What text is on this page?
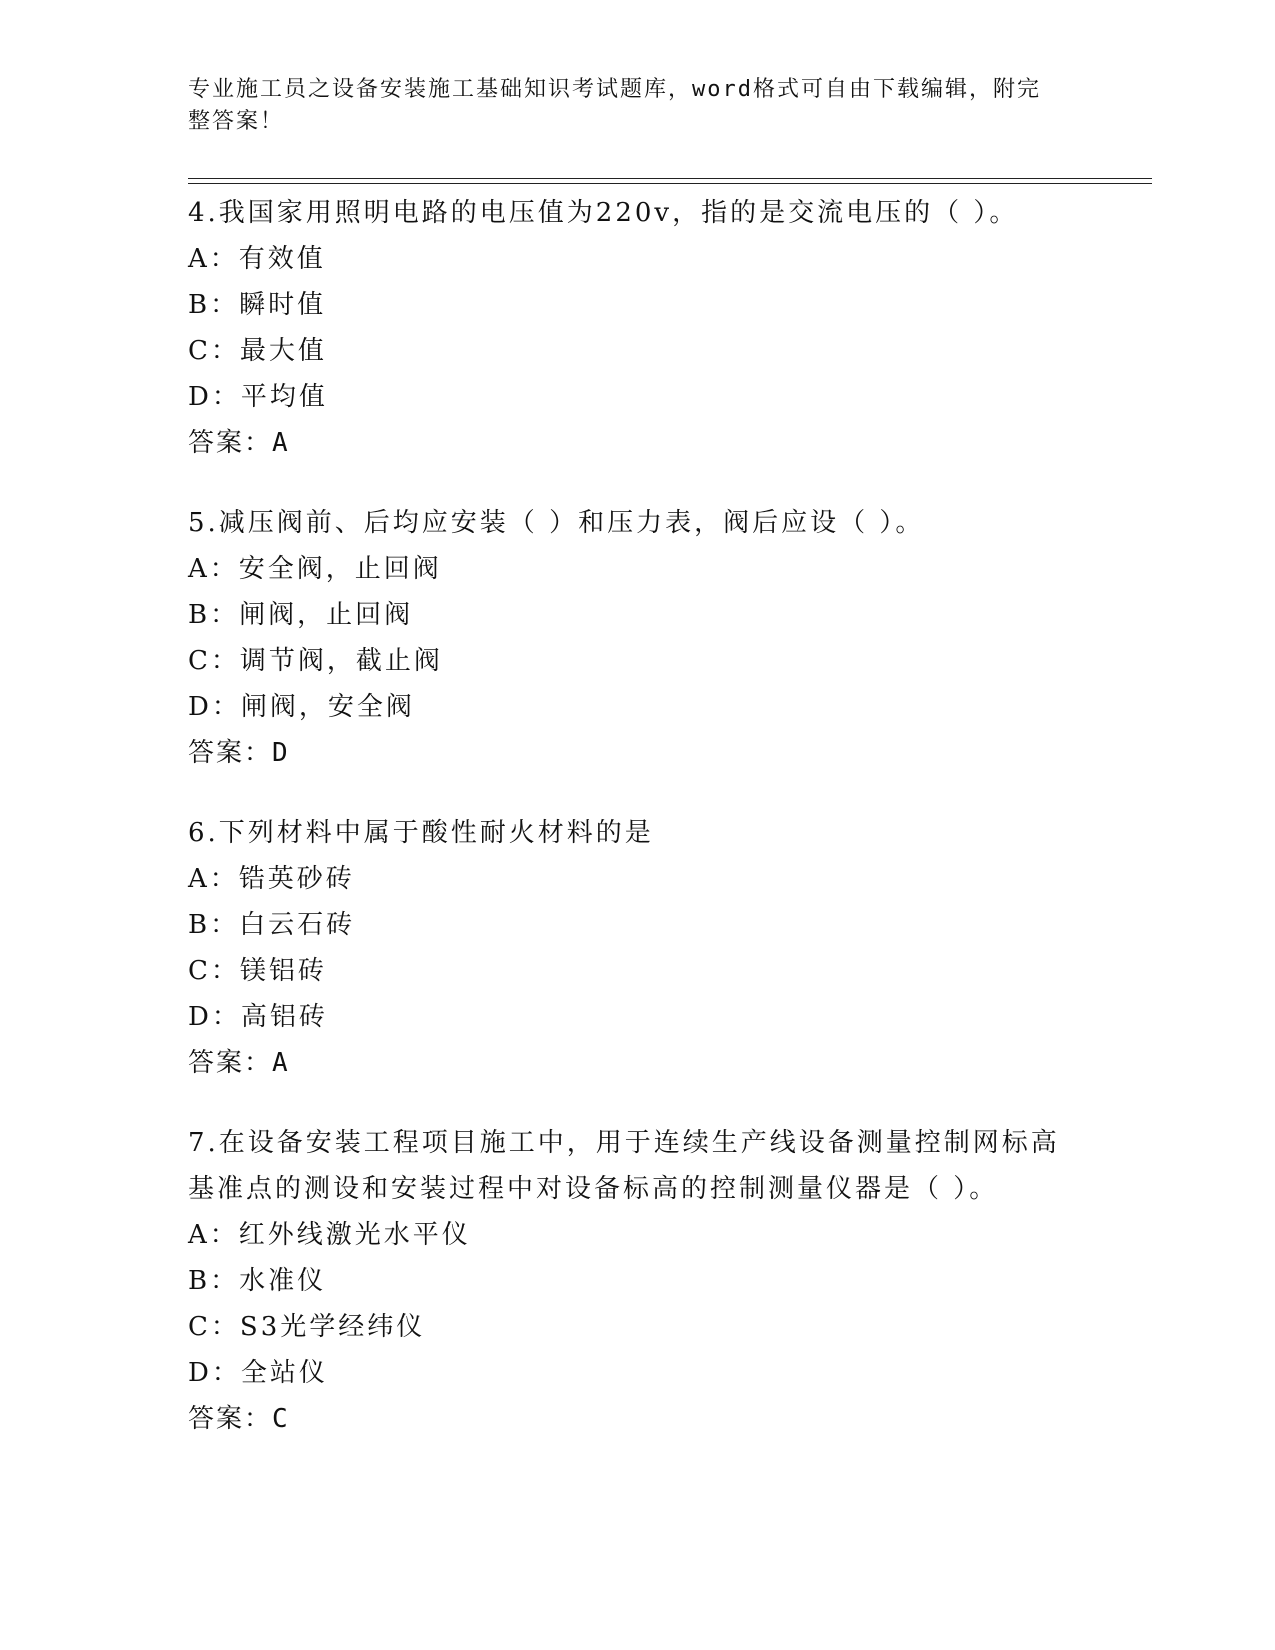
专业施工员之设备安装施工基础知识考试题库，word格式可自由下载编辑，附完
整答案！

4.我国家用照明电路的电压值为220v，指的是交流电压的（ ）。

A：有效值

B：瞬时值

C：最大值

D：平均值

答案：A

5.减压阀前、后均应安装（ ）和压力表，阀后应设（ ）。

A：安全阀，止回阀

B：闸阀，止回阀

C：调节阀，截止阀

D：闸阀，安全阀

答案：D

6.下列材料中属于酸性耐火材料的是

A：锆英砂砖

B：白云石砖

C：镁铝砖

D：高铝砖

答案：A

7.在设备安装工程项目施工中，用于连续生产线设备测量控制网标高基准点的测设和安装过程中对设备标高的控制测量仪器是（ ）。

A：红外线激光水平仪

B：水准仪

C：S3光学经纬仪

D：全站仪

答案：C
